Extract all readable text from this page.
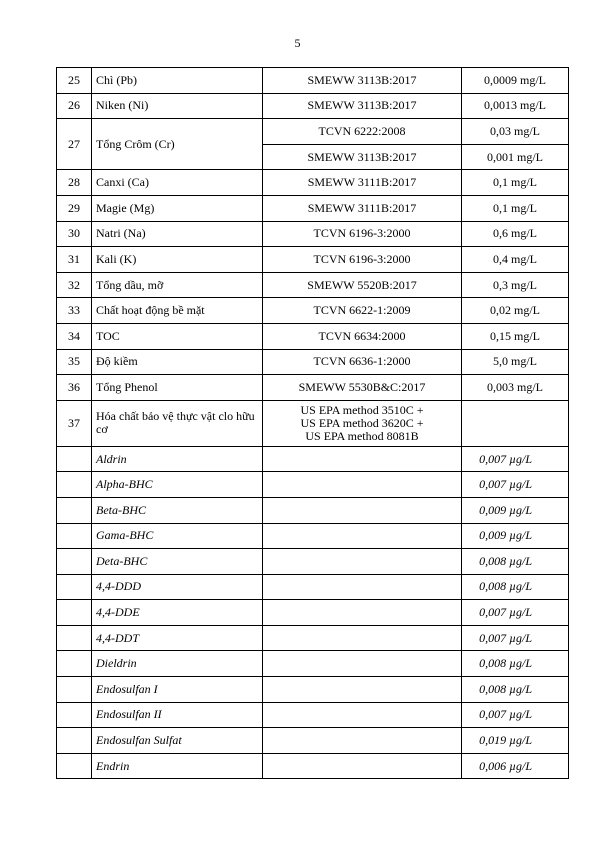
5
25	Chì (Pb)	SMEWW 3113B:2017	0,0009 mg/L
26	Niken (Ni)	SMEWW 3113B:2017	0,0013 mg/L
27	Tổng Crôm (Cr)	TCVN 6222:2008	0,03 mg/L
		SMEWW 3113B:2017	0,001 mg/L
28	Canxi (Ca)	SMEWW 3111B:2017	0,1 mg/L
29	Magie (Mg)	SMEWW 3111B:2017	0,1 mg/L
30	Natri (Na)	TCVN 6196-3:2000	0,6 mg/L
31	Kali (K)	TCVN 6196-3:2000	0,4 mg/L
32	Tổng dầu, mỡ	SMEWW 5520B:2017	0,3 mg/L
33	Chất hoạt động bề mặt	TCVN 6622-1:2009	0,02 mg/L
34	TOC	TCVN 6634:2000	0,15 mg/L
35	Độ kiềm	TCVN 6636-1:2000	5,0 mg/L
36	Tổng Phenol	SMEWW 5530B&C:2017	0,003 mg/L
37	Hóa chất bảo vệ thực vật clo hữu cơ	US EPA method 3510C +
US EPA method 3620C +
US EPA method 8081B	

	Aldrin		0,007 µg/L
	Alpha-BHC		0,007 µg/L
	Beta-BHC		0,009 µg/L
	Gama-BHC		0,009 µg/L
	Deta-BHC		0,008 µg/L
	4,4-DDD		0,008 µg/L
	4,4-DDE		0,007 µg/L
	4,4-DDT		0,007 µg/L
	Dieldrin		0,008 µg/L
	Endosulfan I		0,008 µg/L
	Endosulfan II		0,007 µg/L
	Endosulfan Sulfat		0,019 µg/L
	Endrin		0,006 µg/L
